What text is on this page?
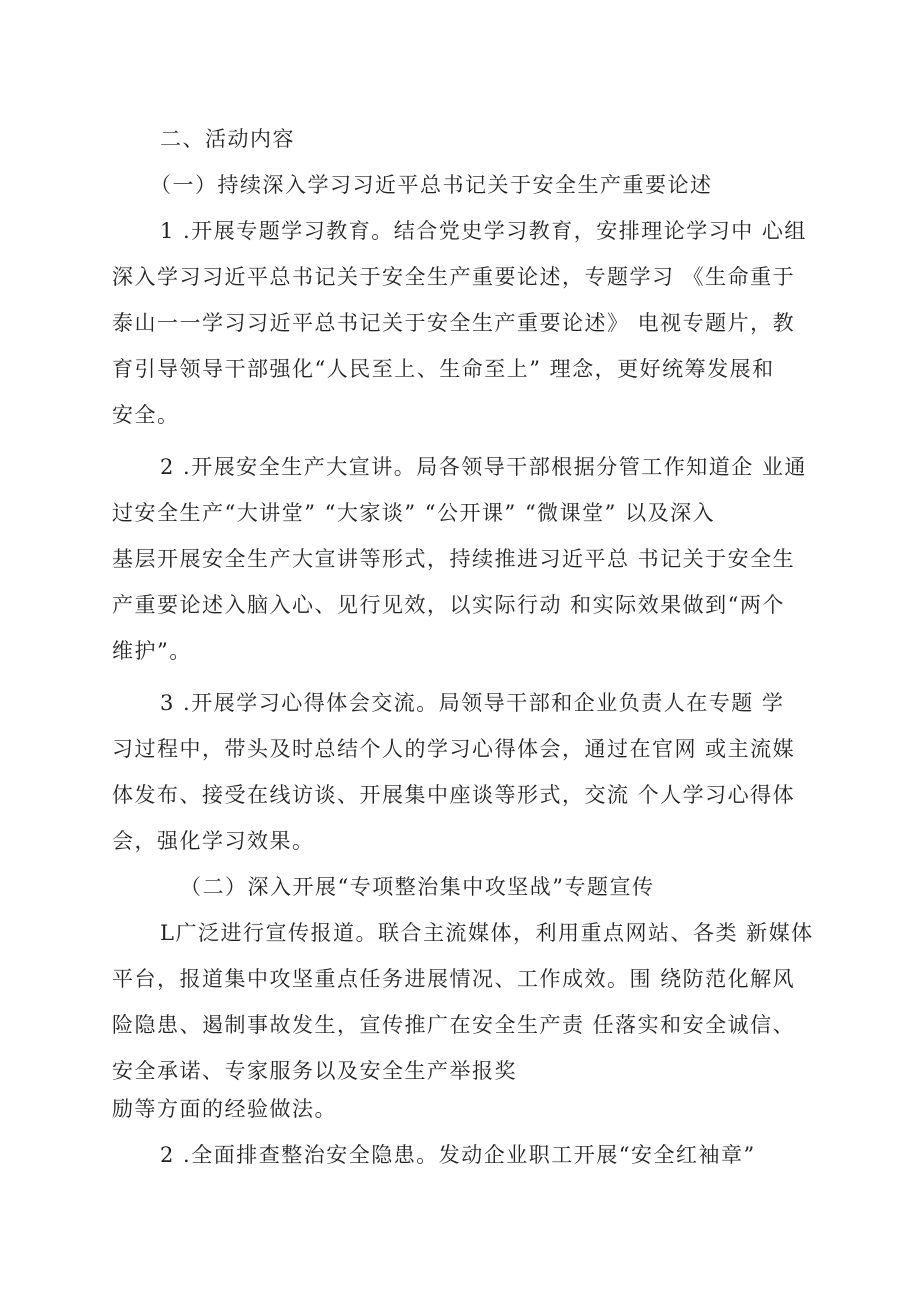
二、活动内容
（一）持续深入学习习近平总书记关于安全生产重要论述
1 .开展专题学习教育。结合党史学习教育，安排理论学习中 心组
深入学习习近平总书记关于安全生产重要论述，专题学习 《生命重于
泰山一一学习习近平总书记关于安全生产重要论述》 电视专题片，教
育引导领导干部强化“人民至上、生命至上” 理念，更好统筹发展和
安全。
2 .开展安全生产大宣讲。局各领导干部根据分管工作知道企 业通
过安全生产“大讲堂” “大家谈” “公开课” “微课堂” 以及深入
基层开展安全生产大宣讲等形式，持续推进习近平总 书记关于安全生
产重要论述入脑入心、见行见效，以实际行动 和实际效果做到“两个
维护”。
3 .开展学习心得体会交流。局领导干部和企业负责人在专题 学
习过程中，带头及时总结个人的学习心得体会，通过在官网 或主流媒
体发布、接受在线访谈、开展集中座谈等形式，交流 个人学习心得体
会，强化学习效果。
（二）深入开展“专项整治集中攻坚战”专题宣传
L广泛进行宣传报道。联合主流媒体，利用重点网站、各类 新媒体
平台，报道集中攻坚重点任务进展情况、工作成效。围 绕防范化解风
险隐患、遏制事故发生，宣传推广在安全生产责 任落实和安全诚信、
安全承诺、专家服务以及安全生产举报奖
励等方面的经验做法。
2 .全面排查整治安全隐患。发动企业职工开展“安全红袖章”
